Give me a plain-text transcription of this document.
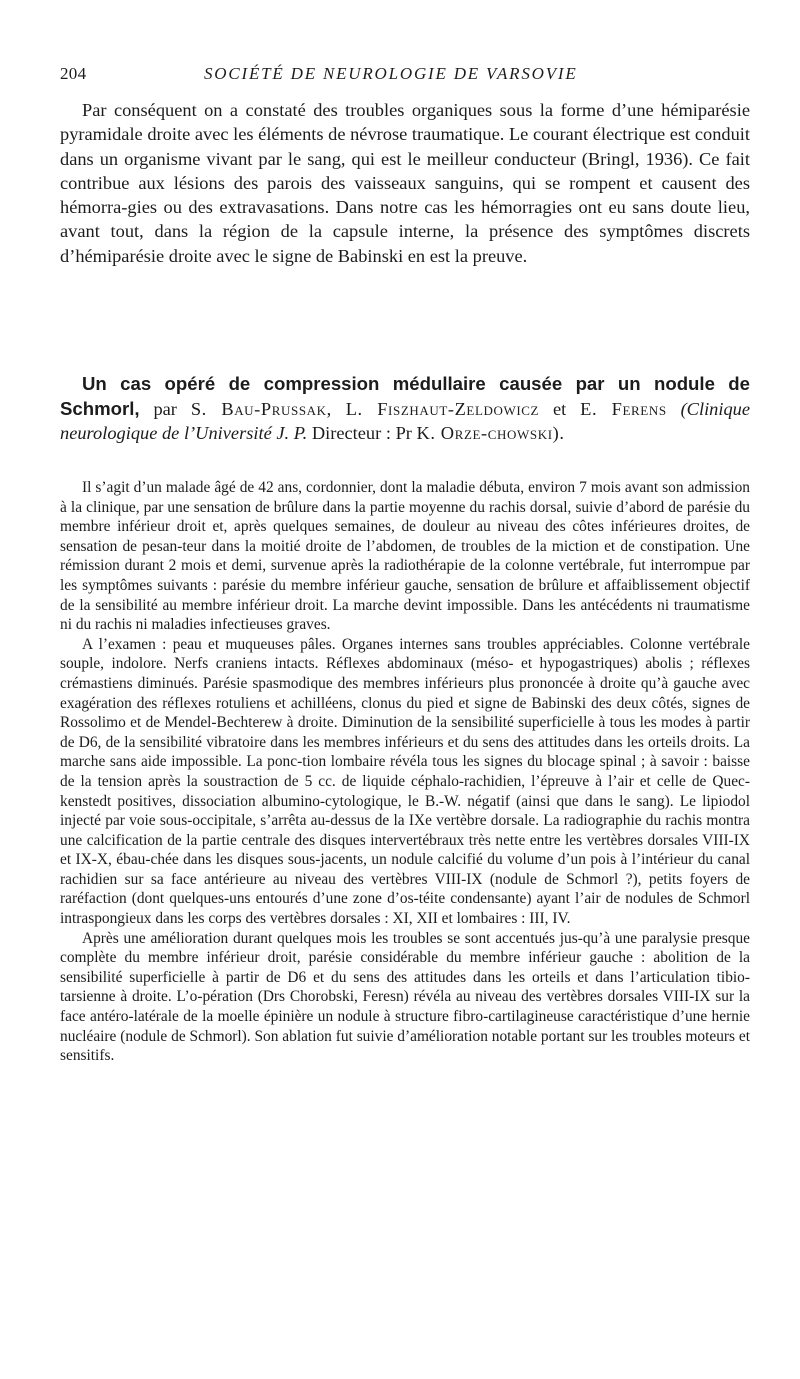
204	SOCIÉTÉ DE NEUROLOGIE DE VARSOVIE

Par conséquent on a constaté des troubles organiques sous la forme d’une hémiparésie pyramidale droite avec les éléments de névrose traumatique. Le courant électrique est conduit dans un organisme vivant par le sang, qui est le meilleur conducteur (Bringl, 1936). Ce fait contribue aux lésions des parois des vaisseaux sanguins, qui se rompent et causent des hémorra-gies ou des extravasations. Dans notre cas les hémorragies ont eu sans doute lieu, avant tout, dans la région de la capsule interne, la présence des symptômes discrets d’hémiparésie droite avec le signe de Babinski en est la preuve.

Un cas opéré de compression médullaire causée par un nodule de Schmorl, par S. Bau-Prussak, L. Fiszhaut-Zeldowicz et E. Ferens (Clinique neurologique de l’Université J. P. Directeur : Pr K. Orze-chowski).

Il s’agit d’un malade âgé de 42 ans, cordonnier, dont la maladie débuta, environ 7 mois avant son admission à la clinique, par une sensation de brûlure dans la partie moyenne du rachis dorsal, suivie d’abord de parésie du membre inférieur droit et, après quelques semaines, de douleur au niveau des côtes inférieures droites, de sensation de pesan-teur dans la moitié droite de l’abdomen, de troubles de la miction et de constipation. Une rémission durant 2 mois et demi, survenue après la radiothérapie de la colonne vertébrale, fut interrompue par les symptômes suivants : parésie du membre inférieur gauche, sensation de brûlure et affaiblissement objectif de la sensibilité au membre inférieur droit. La marche devint impossible. Dans les antécédents ni traumatisme ni du rachis ni maladies infectieuses graves.

A l’examen : peau et muqueuses pâles. Organes internes sans troubles appréciables. Colonne vertébrale souple, indolore. Nerfs craniens intacts. Réflexes abdominaux (méso- et hypogastriques) abolis ; réflexes crémastiens diminués. Parésie spasmodique des membres inférieurs plus prononcée à droite qu’à gauche avec exagération des réflexes rotuliens et achilléens, clonus du pied et signe de Babinski des deux côtés, signes de Rossolimo et de Mendel-Bechterew à droite. Diminution de la sensibilité superficielle à tous les modes à partir de D6, de la sensibilité vibratoire dans les membres inférieurs et du sens des attitudes dans les orteils droits. La marche sans aide impossible. La ponc-tion lombaire révéla tous les signes du blocage spinal ; à savoir : baisse de la tension après la soustraction de 5 cc. de liquide céphalo-rachidien, l’épreuve à l’air et celle de Quec-kenstedt positives, dissociation albumino-cytologique, le B.-W. négatif (ainsi que dans le sang). Le lipiodol injecté par voie sous-occipitale, s’arrêta au-dessus de la IXe vertèbre dorsale. La radiographie du rachis montra une calcification de la partie centrale des disques intervertébraux très nette entre les vertèbres dorsales VIII-IX et IX-X, ébau-chée dans les disques sous-jacents, un nodule calcifié du volume d’un pois à l’intérieur du canal rachidien sur sa face antérieure au niveau des vertèbres VIII-IX (nodule de Schmorl ?), petits foyers de raréfaction (dont quelques-uns entourés d’une zone d’os-téite condensante) ayant l’air de nodules de Schmorl intraspongieux dans les corps des vertèbres dorsales : XI, XII et lombaires : III, IV.

Après une amélioration durant quelques mois les troubles se sont accentués jus-qu’à une paralysie presque complète du membre inférieur droit, parésie considérable du membre inférieur gauche : abolition de la sensibilité superficielle à partir de D6 et du sens des attitudes dans les orteils et dans l’articulation tibio-tarsienne à droite. L’o-pération (Drs Chorobski, Feresn) révéla au niveau des vertèbres dorsales VIII-IX sur la face antéro-latérale de la moelle épinière un nodule à structure fibro-cartilagineuse caractéristique d’une hernie nucléaire (nodule de Schmorl). Son ablation fut suivie d’amélioration notable portant sur les troubles moteurs et sensitifs.
